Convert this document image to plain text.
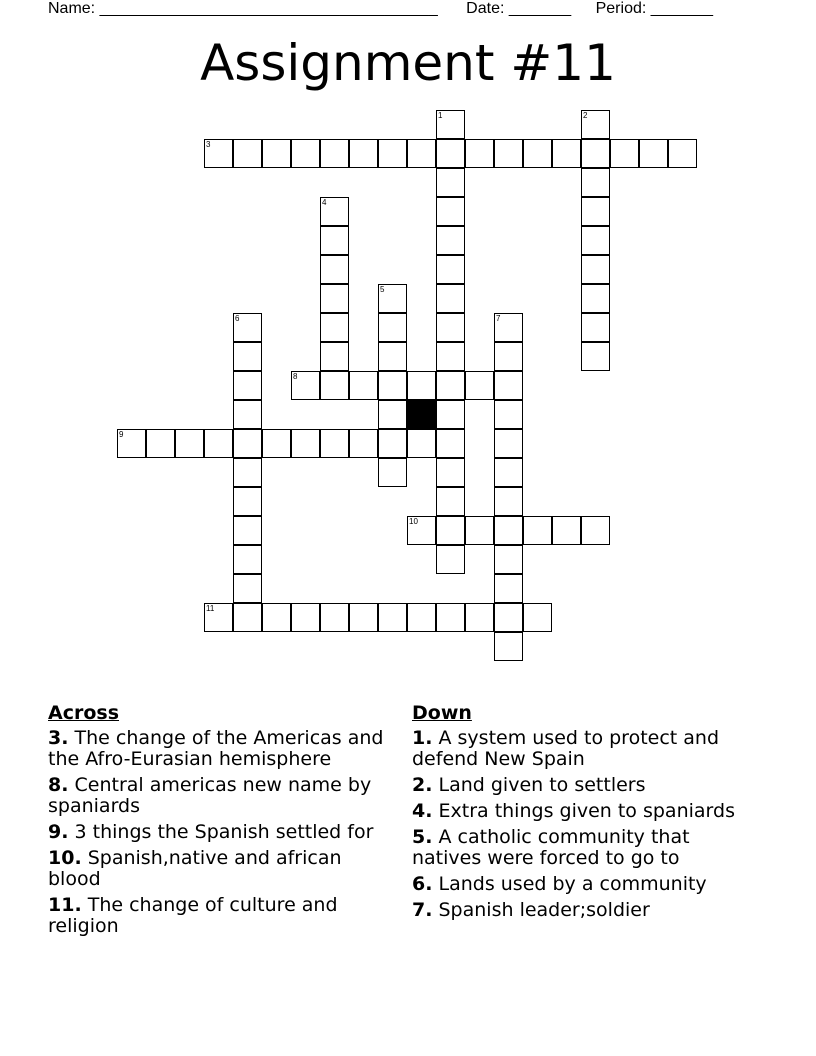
Name: ______________________________________ Date: _______ Period: _______
Assignment #11
1	2
3
4
5
6	7
8
9
10
11
Across
3. The change of the Americas and the Afro-Eurasian hemisphere
8. Central americas new name by spaniards
9. 3 things the Spanish settled for
10. Spanish,native and african blood
11. The change of culture and religion
Down
1. A system used to protect and defend New Spain
2. Land given to settlers
4. Extra things given to spaniards
5. A catholic community that natives were forced to go to
6. Lands used by a community
7. Spanish leader;soldier
